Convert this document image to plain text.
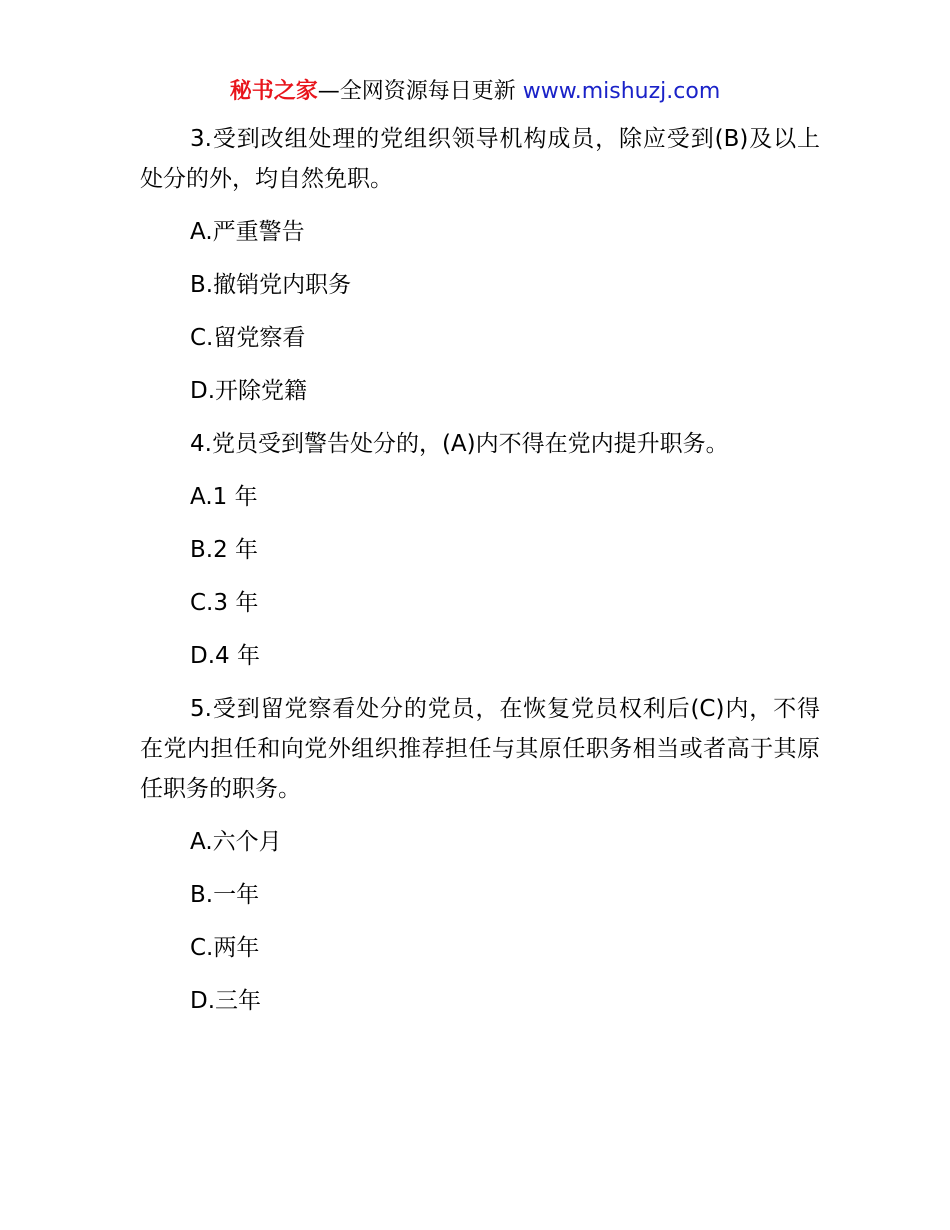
秘书之家—全网资源每日更新 www.mishuzj.com

3.受到改组处理的党组织领导机构成员，除应受到(B)及以上处分的外，均自然免职。

A.严重警告

B.撤销党内职务

C.留党察看

D.开除党籍

4.党员受到警告处分的，(A)内不得在党内提升职务。

A.1 年

B.2 年

C.3 年

D.4 年

5.受到留党察看处分的党员，在恢复党员权利后(C)内，不得在党内担任和向党外组织推荐担任与其原任职务相当或者高于其原任职务的职务。

A.六个月

B.一年

C.两年

D.三年
